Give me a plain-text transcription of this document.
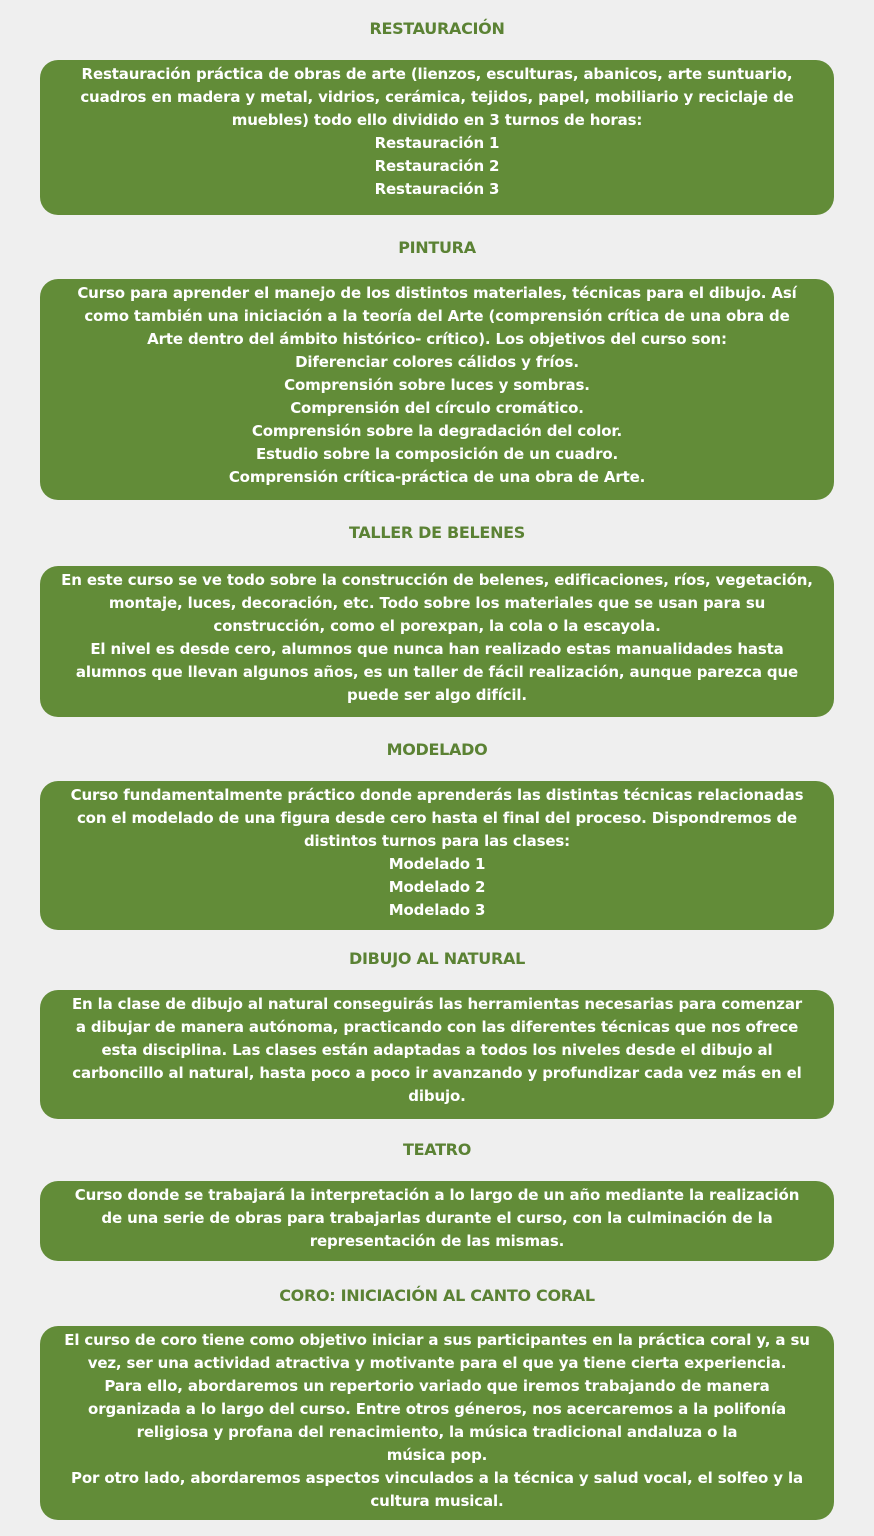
RESTAURACIÓN
Restauración práctica de obras de arte (lienzos, esculturas, abanicos, arte suntuario,
cuadros en madera y metal, vidrios, cerámica, tejidos, papel, mobiliario y reciclaje de
muebles) todo ello dividido en 3 turnos de horas:
Restauración 1
Restauración 2
Restauración 3
PINTURA
Curso para aprender el manejo de los distintos materiales, técnicas para el dibujo. Así
como también una iniciación a la teoría del Arte (comprensión crítica de una obra de
Arte dentro del ámbito histórico- crítico). Los objetivos del curso son:
Diferenciar colores cálidos y fríos.
Comprensión sobre luces y sombras.
Comprensión del círculo cromático.
Comprensión sobre la degradación del color.
Estudio sobre la composición de un cuadro.
Comprensión crítica-práctica de una obra de Arte.
TALLER DE BELENES
En este curso se ve todo sobre la construcción de belenes, edificaciones, ríos, vegetación,
montaje, luces, decoración, etc. Todo sobre los materiales que se usan para su
construcción, como el porexpan, la cola o la escayola.
El nivel es desde cero, alumnos que nunca han realizado estas manualidades hasta
alumnos que llevan algunos años, es un taller de fácil realización, aunque parezca que
puede ser algo difícil.
MODELADO
Curso fundamentalmente práctico donde aprenderás las distintas técnicas relacionadas
con el modelado de una figura desde cero hasta el final del proceso. Dispondremos de
distintos turnos para las clases:
Modelado 1
Modelado 2
Modelado 3
DIBUJO AL NATURAL
En la clase de dibujo al natural conseguirás las herramientas necesarias para comenzar
a dibujar de manera autónoma, practicando con las diferentes técnicas que nos ofrece
esta disciplina. Las clases están adaptadas a todos los niveles desde el dibujo al
carboncillo al natural, hasta poco a poco ir avanzando y profundizar cada vez más en el
dibujo.
TEATRO
Curso donde se trabajará la interpretación a lo largo de un año mediante la realización
de una serie de obras para trabajarlas durante el curso, con la culminación de la
representación de las mismas.
CORO: INICIACIÓN AL CANTO CORAL
El curso de coro tiene como objetivo iniciar a sus participantes en la práctica coral y, a su
vez, ser una actividad atractiva y motivante para el que ya tiene cierta experiencia.
Para ello, abordaremos un repertorio variado que iremos trabajando de manera
organizada a lo largo del curso. Entre otros géneros, nos acercaremos a la polifonía
religiosa y profana del renacimiento, la música tradicional andaluza o la
música pop.
Por otro lado, abordaremos aspectos vinculados a la técnica y salud vocal, el solfeo y la
cultura musical.
